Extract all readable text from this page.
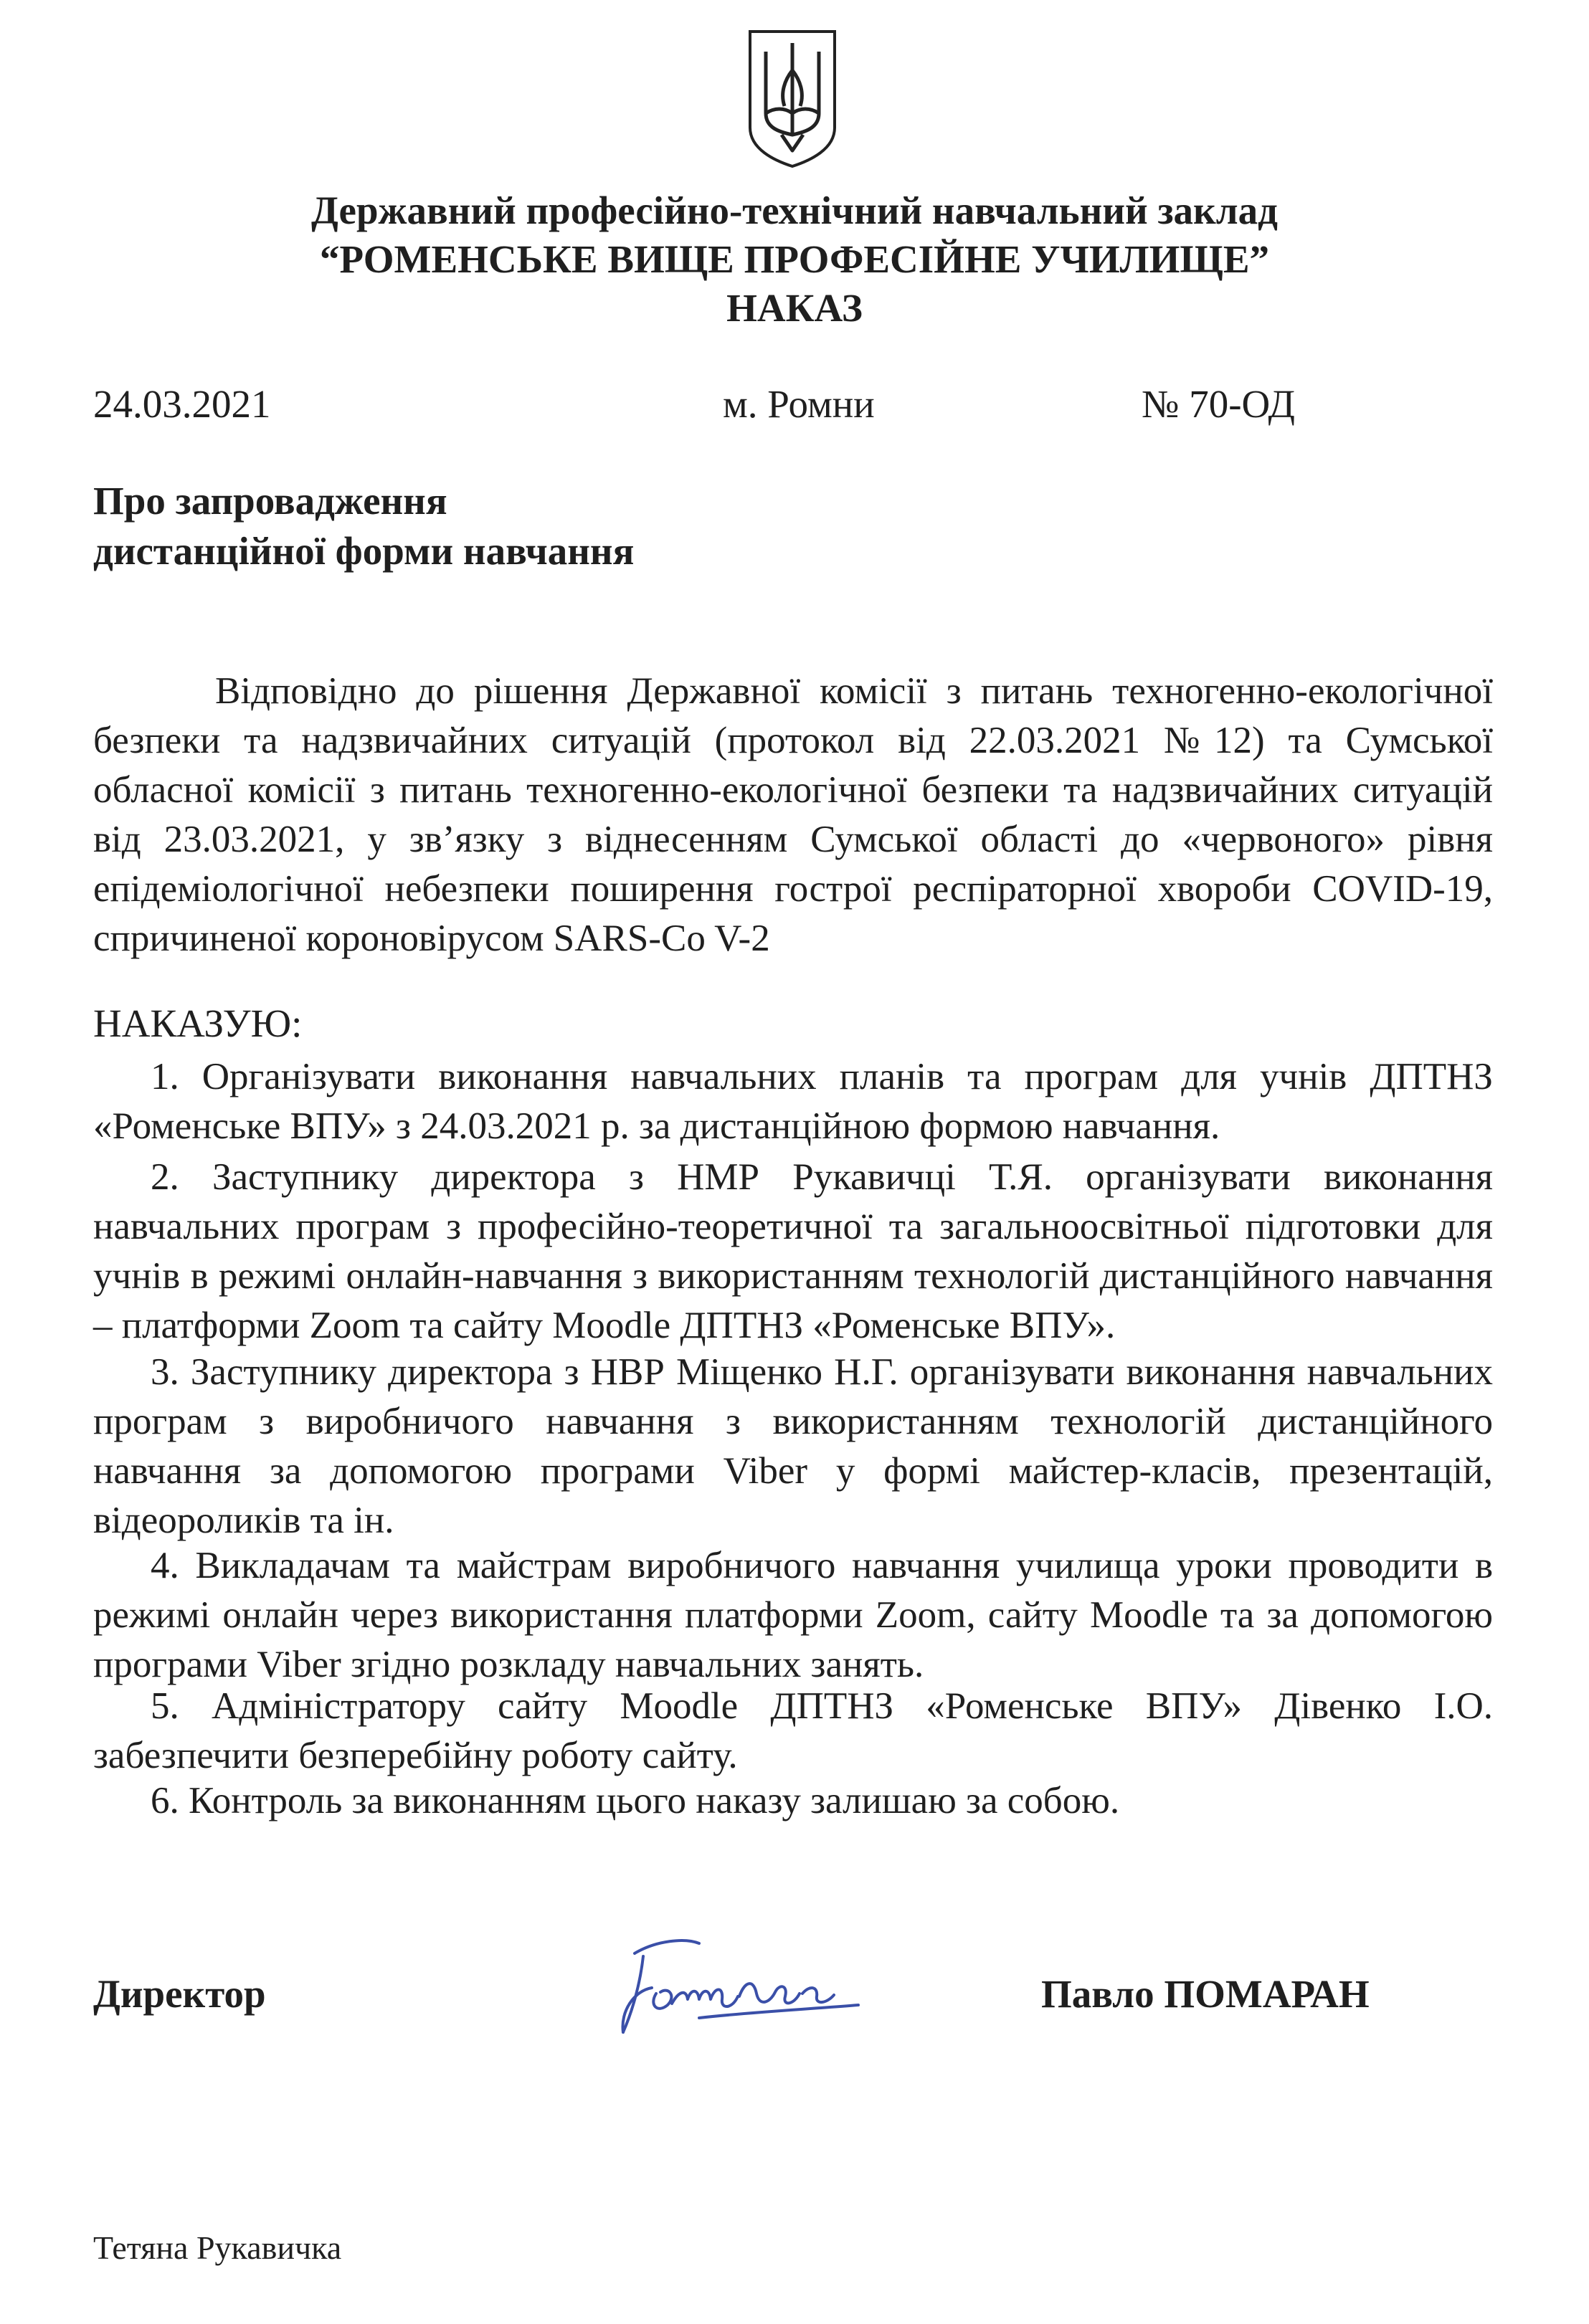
Державний професійно-технічний навчальний заклад
“РОМЕНСЬКЕ ВИЩЕ ПРОФЕСІЙНЕ УЧИЛИЩЕ”
НАКАЗ
24.03.2021	м. Ромни	№ 70-ОД
Про запровадження
дистанційної форми навчання
Відповідно до рішення Державної комісії з питань техногенно-екологічної безпеки та надзвичайних ситуацій (протокол від 22.03.2021 №12) та Сумської обласної комісії з питань техногенно-екологічної безпеки та надзвичайних ситуацій від 23.03.2021, у зв’язку з віднесенням Сумської області до «червоного» рівня епідеміологічної небезпеки поширення гострої респіраторної хвороби COVID-19, спричиненої короновірусом SARS-Co V-2
НАКАЗУЮ:
1. Організувати виконання навчальних планів та програм для учнів ДПТНЗ «Роменське ВПУ» з 24.03.2021 р. за дистанційною формою навчання.
2. Заступнику директора з НМР Рукавичці Т.Я. організувати виконання навчальних програм з професійно-теоретичної та загальноосвітньої підготовки для учнів в режимі онлайн-навчання з використанням технологій дистанційного навчання – платформи Zoom та сайту Moodle ДПТНЗ «Роменське ВПУ».
3. Заступнику директора з НВР Міщенко Н.Г. організувати виконання навчальних програм з виробничого навчання з використанням технологій дистанційного навчання за допомогою програми Viber у формі майстер-класів, презентацій, відеороликів та ін.
4. Викладачам та майстрам виробничого навчання училища уроки проводити в режимі онлайн через використання платформи Zoom, сайту Moodle та за допомогою програми Viber згідно розкладу навчальних занять.
5. Адміністратору сайту Moodle ДПТНЗ «Роменське ВПУ» Дівенко І.О. забезпечити безперебійну роботу сайту.
6. Контроль за виконанням цього наказу залишаю за собою.
Директор	Павло ПОМАРАН
Тетяна Рукавичка
